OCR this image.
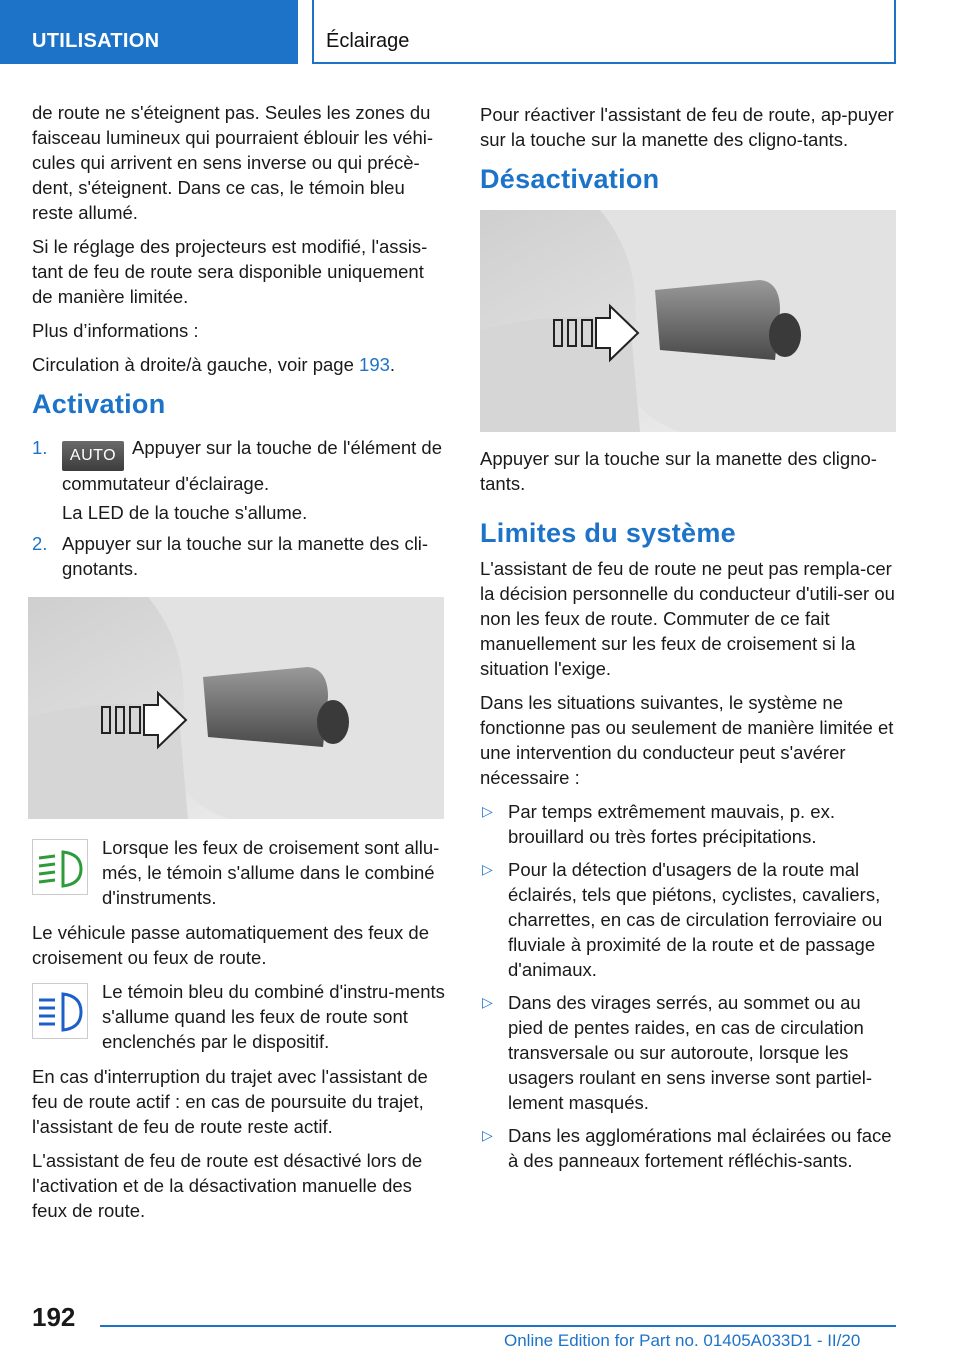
UTILISATION	Éclairage

de route ne s'éteignent pas. Seules les zones du faisceau lumineux qui pourraient éblouir les véhi-cules qui arrivent en sens inverse ou qui précè-dent, s'éteignent. Dans ce cas, le témoin bleu reste allumé.

Si le réglage des projecteurs est modifié, l'assis-tant de feu de route sera disponible uniquement de manière limitée.

Plus d’informations :

Circulation à droite/à gauche, voir page 193.

Activation
1. AUTO Appuyer sur la touche de l'élément de commutateur d'éclairage.
La LED de la touche s'allume.
2. Appuyer sur la touche sur la manette des cli-gnotants.
Lorsque les feux de croisement sont allu-més, le témoin s'allume dans le combiné d'instruments.

Le véhicule passe automatiquement des feux de croisement ou feux de route.

Le témoin bleu du combiné d'instru-ments s'allume quand les feux de route sont enclenchés par le dispositif.

En cas d'interruption du trajet avec l'assistant de feu de route actif : en cas de poursuite du trajet, l'assistant de feu de route reste actif.

L'assistant de feu de route est désactivé lors de l'activation et de la désactivation manuelle des feux de route.

Pour réactiver l'assistant de feu de route, ap-puyer sur la touche sur la manette des cligno-tants.

Désactivation

Appuyer sur la touche sur la manette des cligno-tants.

Limites du système

L'assistant de feu de route ne peut pas rempla-cer la décision personnelle du conducteur d'utili-ser ou non les feux de route. Commuter de ce fait manuellement sur les feux de croisement si la situation l'exige.

Dans les situations suivantes, le système ne fonctionne pas ou seulement de manière limitée et une intervention du conducteur peut s'avérer nécessaire :

▷ Par temps extrêmement mauvais, p. ex. brouillard ou très fortes précipitations.
▷ Pour la détection d'usagers de la route mal éclairés, tels que piétons, cyclistes, cavaliers, charrettes, en cas de circulation ferroviaire ou fluviale à proximité de la route et de passage d'animaux.
▷ Dans des virages serrés, au sommet ou au pied de pentes raides, en cas de circulation transversale ou sur autoroute, lorsque les usagers roulant en sens inverse sont partiel-lement masqués.
▷ Dans les agglomérations mal éclairées ou face à des panneaux fortement réfléchis-sants.
192
Online Edition for Part no. 01405A033D1 - II/20
